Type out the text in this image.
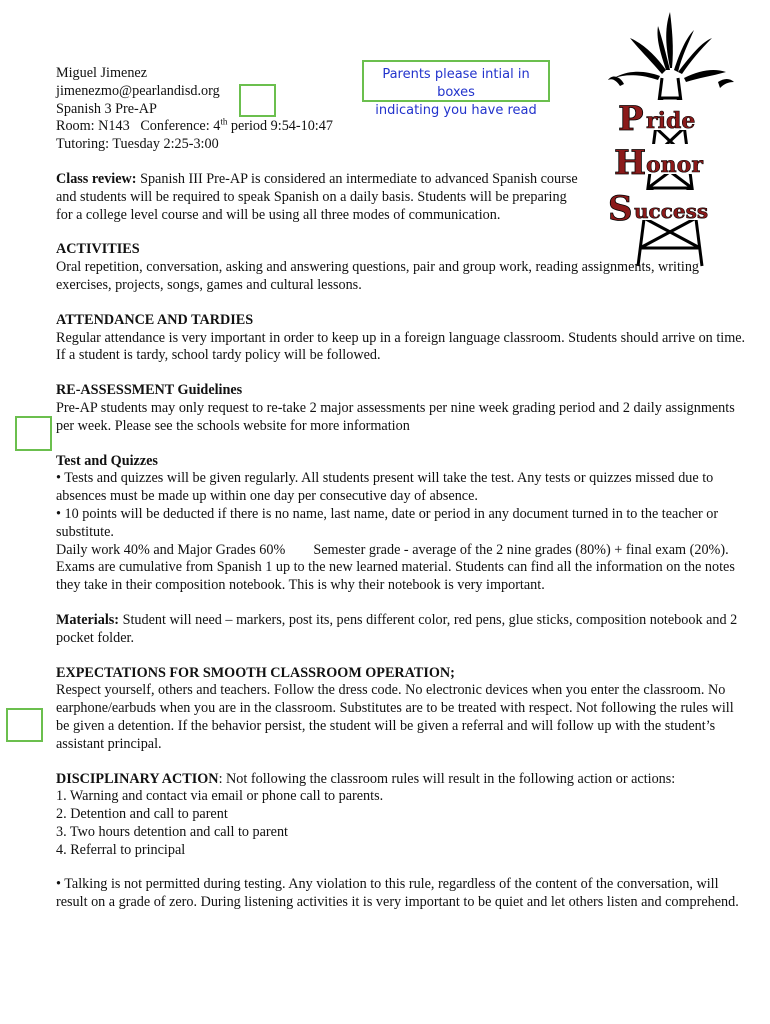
Parents please intial in boxes
indicating you have read	P ride
H onor
S uccess
Miguel Jimenez
jimenezmo@pearlandisd.org
Spanish 3 Pre-AP
Room: N143   Conference: 4th period 9:54-10:47
Tutoring: Tuesday 2:25-3:00
Class review: Spanish III Pre-AP is considered an intermediate to advanced Spanish course and students will be required to speak Spanish on a daily basis. Students will be preparing for a college level course and will be using all three modes of communication.
ACTIVITIES
Oral repetition, conversation, asking and answering questions, pair and group work, reading assignments, writing exercises, projects, songs, games and cultural lessons.
ATTENDANCE AND TARDIES
Regular attendance is very important in order to keep up in a foreign language classroom. Students should arrive on time. If a student is tardy, school tardy policy will be followed.
RE-ASSESSMENT Guidelines
Pre-AP students may only request to re-take 2 major assessments per nine week grading period and 2 daily assignments per week. Please see the schools website for more information
Test and Quizzes
• Tests and quizzes will be given regularly. All students present will take the test. Any tests or quizzes missed due to absences must be made up within one day per consecutive day of absence.
• 10 points will be deducted if there is no name, last name, date or period in any document turned in to the teacher or substitute.
Daily work 40% and Major Grades 60% Semester grade - average of the 2 nine grades (80%) + final exam (20%).
Exams are cumulative from Spanish 1 up to the new learned material. Students can find all the information on the notes they take in their composition notebook. This is why their notebook is very important.
Materials: Student will need – markers, post its, pens different color, red pens, glue sticks, composition notebook and 2 pocket folder.
EXPECTATIONS FOR SMOOTH CLASSROOM OPERATION;
Respect yourself, others and teachers. Follow the dress code. No electronic devices when you enter the classroom. No earphone/earbuds when you are in the classroom. Substitutes are to be treated with respect. Not following the rules will be given a detention. If the behavior persist, the student will be given a referral and will follow up with the student’s assistant principal.
DISCIPLINARY ACTION: Not following the classroom rules will result in the following action or actions:
1. Warning and contact via email or phone call to parents.
2. Detention and call to parent
3. Two hours detention and call to parent
4. Referral to principal
• Talking is not permitted during testing. Any violation to this rule, regardless of the content of the conversation, will result on a grade of zero. During listening activities it is very important to be quiet and let others listen and comprehend.
